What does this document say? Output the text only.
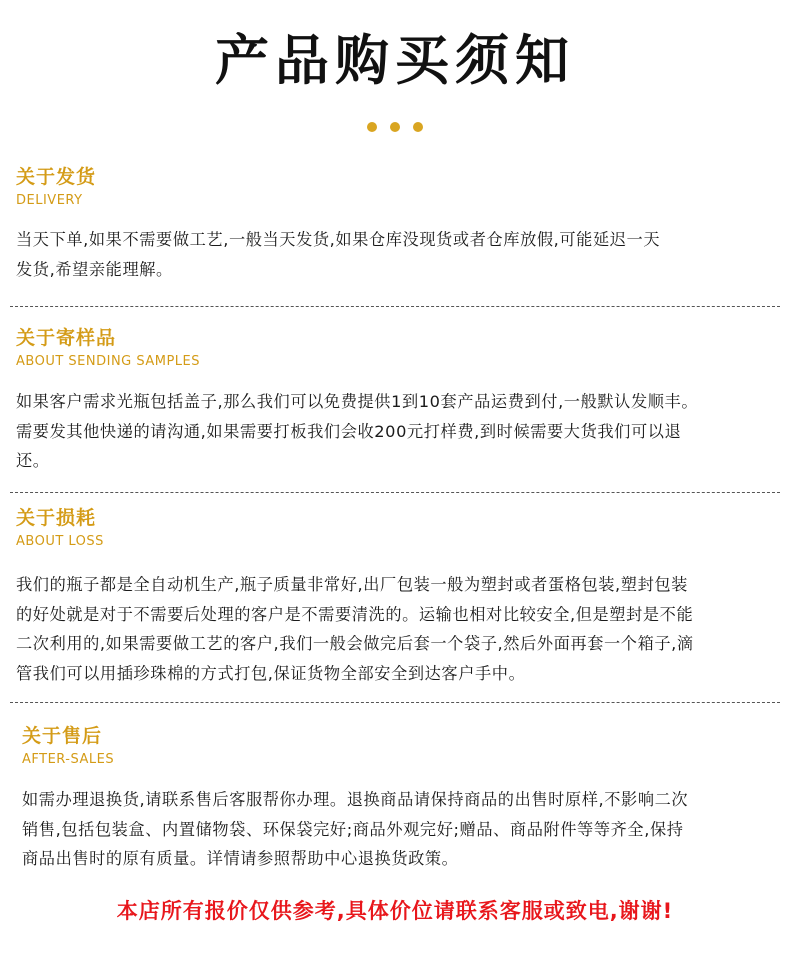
产品购买须知
关于发货
DELIVERY

当天下单,如果不需要做工艺,一般当天发货,如果仓库没现货或者仓库放假,可能延迟一天

发货,希望亲能理解。

关于寄样品
ABOUT SENDING SAMPLES

如果客户需求光瓶包括盖子,那么我们可以免费提供1到10套产品运费到付,一般默认发顺丰。

需要发其他快递的请沟通,如果需要打板我们会收200元打样费,到时候需要大货我们可以退

还。

关于损耗
ABOUT LOSS

我们的瓶子都是全自动机生产,瓶子质量非常好,出厂包装一般为塑封或者蛋格包装,塑封包装

的好处就是对于不需要后处理的客户是不需要清洗的。运输也相对比较安全,但是塑封是不能

二次利用的,如果需要做工艺的客户,我们一般会做完后套一个袋子,然后外面再套一个箱子,滴

管我们可以用插珍珠棉的方式打包,保证货物全部安全到达客户手中。

关于售后
AFTER-SALES

如需办理退换货,请联系售后客服帮你办理。退换商品请保持商品的出售时原样,不影响二次

销售,包括包装盒、内置储物袋、环保袋完好;商品外观完好;赠品、商品附件等等齐全,保持

商品出售时的原有质量。详情请参照帮助中心退换货政策。

本店所有报价仅供参考,具体价位请联系客服或致电,谢谢!
